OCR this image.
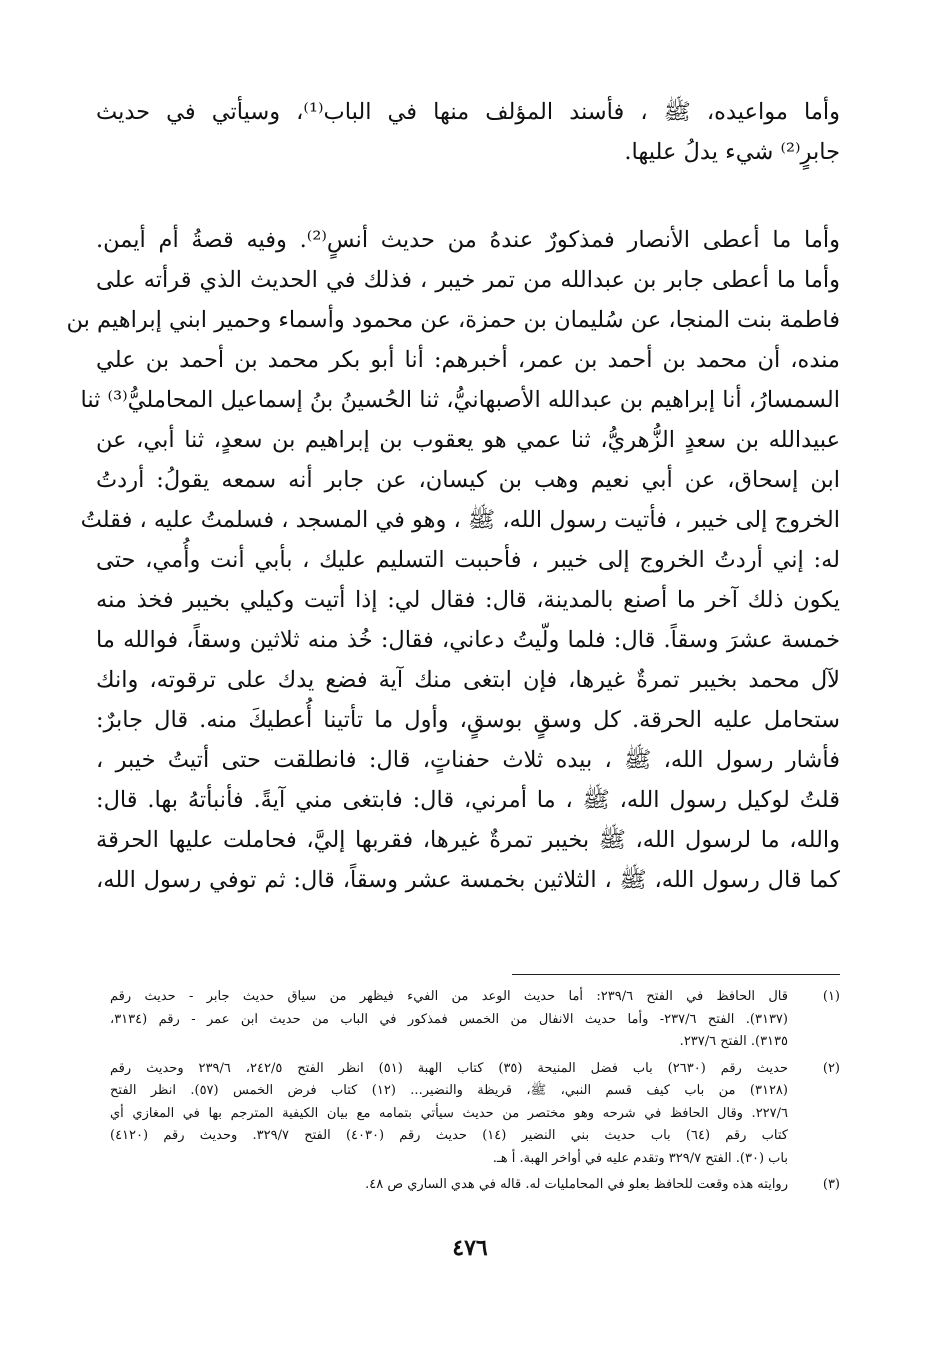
وأما مواعيده، ﷺ ، فأسند المؤلف منها في الباب⁽¹⁾، وسيأتي في حديث
جابرٍ⁽²⁾ شيء يدلُ عليها.
وأما ما أعطى الأنصار فمذكورٌ عندهُ من حديث أنسٍ⁽²⁾. وفيه قصةُ أم أيمن.
وأما ما أعطى جابر بن عبدالله من تمر خيبر ، فذلك في الحديث الذي قرأته على
فاطمة بنت المنجا، عن سُليمان بن حمزة، عن محمود وأسماء وحمير ابني إبراهيم بن
منده، أن محمد بن أحمد بن عمر، أخبرهم: أنا أبو بكر محمد بن أحمد بن علي
السمسارُ، أنا إبراهيم بن عبدالله الأصبهانيُّ، ثنا الحُسينُ بنُ إسماعيل المحامليُّ⁽³⁾ ثنا
عبيدالله بن سعدٍ الزُّهريُّ، ثنا عمي هو يعقوب بن إبراهيم بن سعدٍ، ثنا أبي، عن
ابن إسحاق، عن أبي نعيم وهب بن كيسان، عن جابر أنه سمعه يقولُ: أردتُ
الخروج إلى خيبر ، فأتيت رسول الله، ﷺ ، وهو في المسجد ، فسلمتُ عليه ، فقلتُ
له: إني أردتُ الخروج إلى خيبر ، فأحببت التسليم عليك ، بأبي أنت وأُمي، حتى
يكون ذلك آخر ما أصنع بالمدينة، قال: فقال لي: إذا أتيت وكيلي بخيبر فخذ منه
خمسة عشرَ وسقاً. قال: فلما ولّيتُ دعاني، فقال: خُذ منه ثلاثين وسقاً، فوالله ما
لآل محمد بخيبر تمرةٌ غيرها، فإن ابتغى منك آية فضع يدك على ترقوته، وانك
ستحامل عليه الحرقة. كل وسقٍ بوسقٍ، وأول ما تأتينا أُعطيكَ منه. قال جابرٌ:
فأشار رسول الله، ﷺ ، بيده ثلاث حفناتٍ، قال: فانطلقت حتى أتيتُ خيبر ،
قلتُ لوكيل رسول الله، ﷺ ، ما أمرني، قال: فابتغى مني آيةً. فأنبأتهُ بها. قال:
والله، ما لرسول الله، ﷺ بخيبر تمرةٌ غيرها، فقربها إليَّ، فحاملت عليها الحرقة
كما قال رسول الله، ﷺ ، الثلاثين بخمسة عشر وسقاً، قال: ثم توفي رسول الله،
(١)
قال الحافظ في الفتح ٢٣٩/٦: أما حديث الوعد من الفيء فيظهر من سياق حديث جابر - حديث رقم
(٣١٣٧). الفتح ٢٣٧/٦- وأما حديث الانفال من الخمس فمذكور في الباب من حديث ابن عمر - رقم (٣١٣٤،
٣١٣٥). الفتح ٢٣٧/٦.
(٢)
حديث رقم (٢٦٣٠) باب فضل المنيحة (٣٥) كتاب الهبة (٥١) انظر الفتح ٢٤٢/٥، ٢٣٩/٦ وحديث رقم
(٣١٢٨) من باب كيف قسم النبي، ﷺ، قريظة والنضير... (١٢) كتاب فرض الخمس (٥٧). انظر الفتح
٢٢٧/٦. وقال الحافظ في شرحه وهو مختصر من حديث سيأتي بتمامه مع بيان الكيفية المترجم بها في المغازي أي
كتاب رقم (٦٤) باب حديث بني النضير (١٤) حديث رقم (٤٠٣٠) الفتح ٣٢٩/٧. وحديث رقم (٤١٢٠)
باب (٣٠). الفتح ٣٢٩/٧ وتقدم عليه في أواخر الهبة. أ هـ.
(٣)
روايته هذه وقعت للحافظ بعلو في المحامليات له. قاله في هدي الساري ص ٤٨.
٤٧٦
